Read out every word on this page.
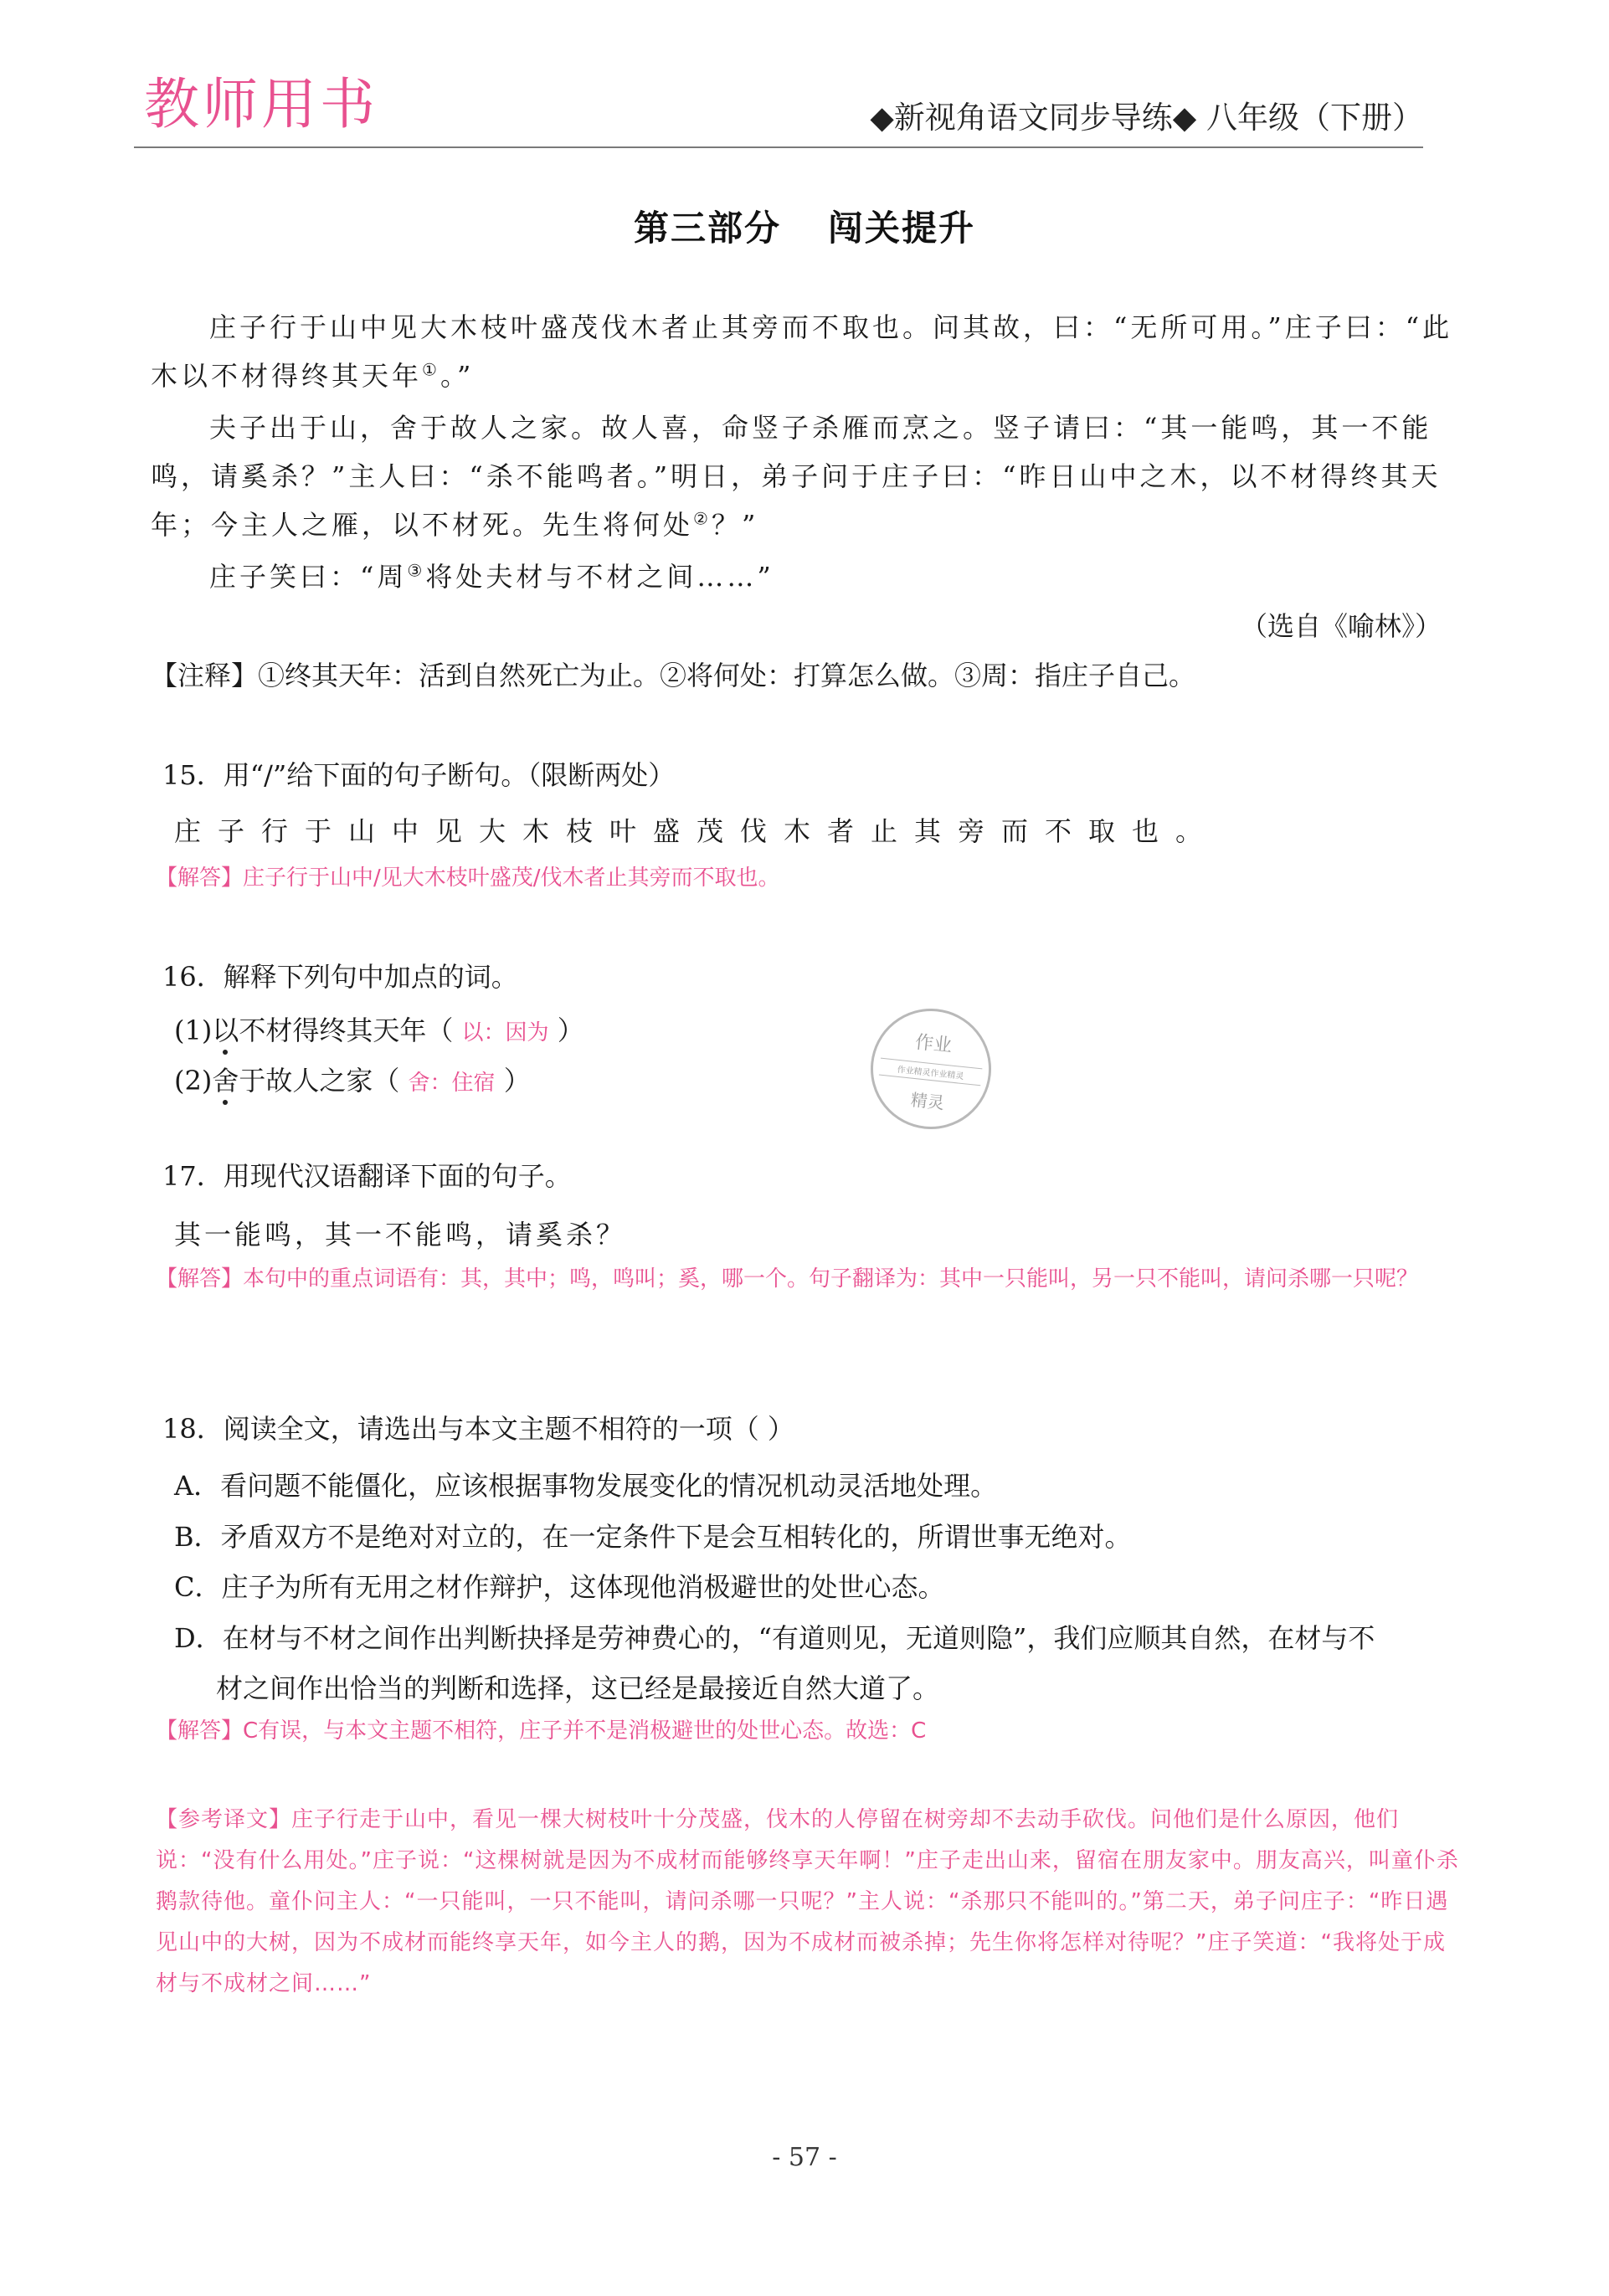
教师用书	◆新视角语文同步导练◆ 八年级（下册）
第三部分 闯关提升
庄子行于山中见大木枝叶盛茂伐木者止其旁而不取也。问其故，曰：“无所可用。”庄子曰：“此木以不材得终其天年①。”
夫子出于山，舍于故人之家。故人喜，命竖子杀雁而烹之。竖子请曰：“其一能鸣，其一不能鸣，请奚杀？”主人曰：“杀不能鸣者。”明日，弟子问于庄子曰：“昨日山中之木，以不材得终其天年；今主人之雁，以不材死。先生将何处②？”
庄子笑曰：“周③将处夫材与不材之间……”
（选自《喻林》）
【注释】①终其天年：活到自然死亡为止。②将何处：打算怎么做。③周：指庄子自己。
15．用“/”给下面的句子断句。（限断两处）
庄子行于山中见大木枝叶盛茂伐木者止其旁而不取也。
【解答】庄子行于山中/见大木枝叶盛茂/伐木者止其旁而不取也。
16．解释下列句中加点的词。
(1)以不材得终其天年（ 以：因为 ）
(2)舍于故人之家（ 舍：住宿 ）
作业
作业精灵作业精灵
精灵
17．用现代汉语翻译下面的句子。
其一能鸣，其一不能鸣，请奚杀？
【解答】本句中的重点词语有：其，其中；鸣，鸣叫；奚，哪一个。句子翻译为：其中一只能叫，另一只不能叫，请问杀哪一只呢？
18．阅读全文，请选出与本文主题不相符的一项（ ）
A．看问题不能僵化，应该根据事物发展变化的情况机动灵活地处理。
B．矛盾双方不是绝对对立的，在一定条件下是会互相转化的，所谓世事无绝对。
C．庄子为所有无用之材作辩护，这体现他消极避世的处世心态。
D．在材与不材之间作出判断抉择是劳神费心的，“有道则见，无道则隐”，我们应顺其自然，在材与不
材之间作出恰当的判断和选择，这已经是最接近自然大道了。
【解答】C有误，与本文主题不相符，庄子并不是消极避世的处世心态。故选：C
【参考译文】庄子行走于山中，看见一棵大树枝叶十分茂盛，伐木的人停留在树旁却不去动手砍伐。问他们是什么原因，他们说：“没有什么用处。”庄子说：“这棵树就是因为不成材而能够终享天年啊！”庄子走出山来，留宿在朋友家中。朋友高兴，叫童仆杀鹅款待他。童仆问主人：“一只能叫，一只不能叫，请问杀哪一只呢？”主人说：“杀那只不能叫的。”第二天，弟子问庄子：“昨日遇见山中的大树，因为不成材而能终享天年，如今主人的鹅，因为不成材而被杀掉；先生你将怎样对待呢？”庄子笑道：“我将处于成材与不成材之间……”
- 57 -
